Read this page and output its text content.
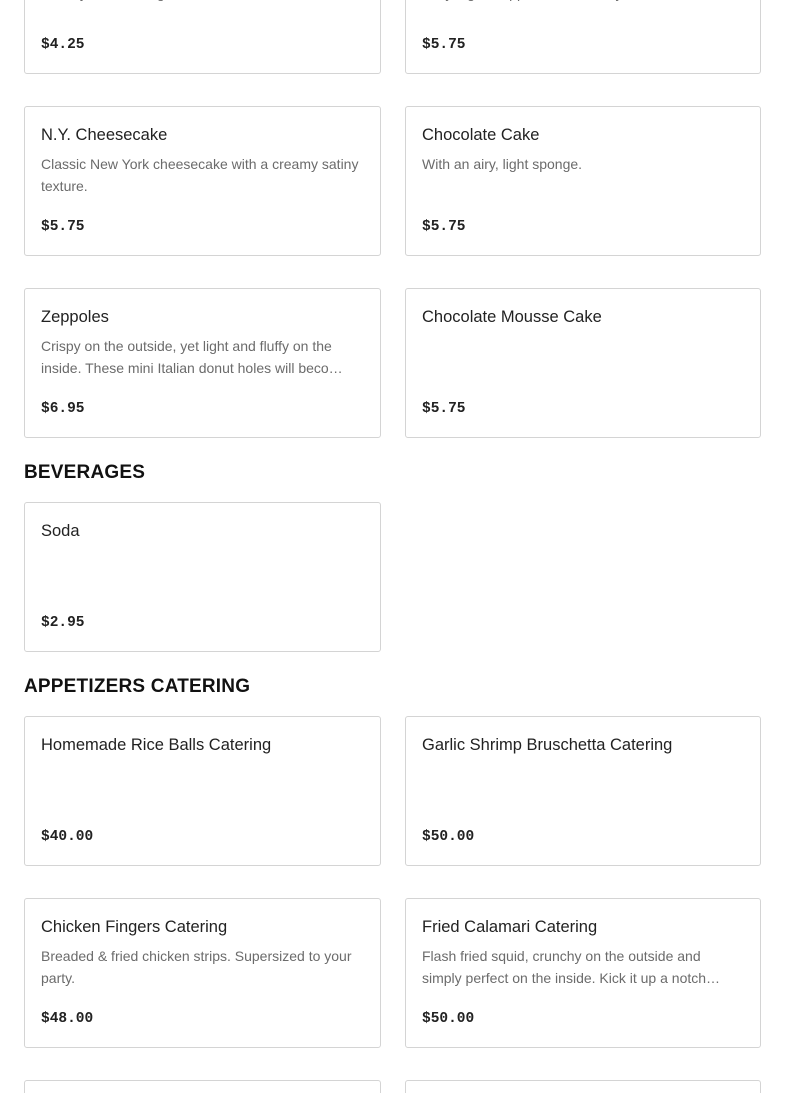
$4.25	$5.75
N.Y. Cheesecake
Classic New York cheesecake with a creamy satiny texture.
$5.75
Chocolate Cake
With an airy, light sponge.
$5.75
Zeppoles
Crispy on the outside, yet light and fluffy on the inside. These mini Italian donut holes will beco…
$6.95
Chocolate Mousse Cake
$5.75
BEVERAGES
Soda
$2.95
APPETIZERS CATERING
Homemade Rice Balls Catering
$40.00
Garlic Shrimp Bruschetta Catering
$50.00
Chicken Fingers Catering
Breaded & fried chicken strips. Supersized to your party.
$48.00
Fried Calamari Catering
Flash fried squid, crunchy on the outside and simply perfect on the inside. Kick it up a notch…
$50.00
